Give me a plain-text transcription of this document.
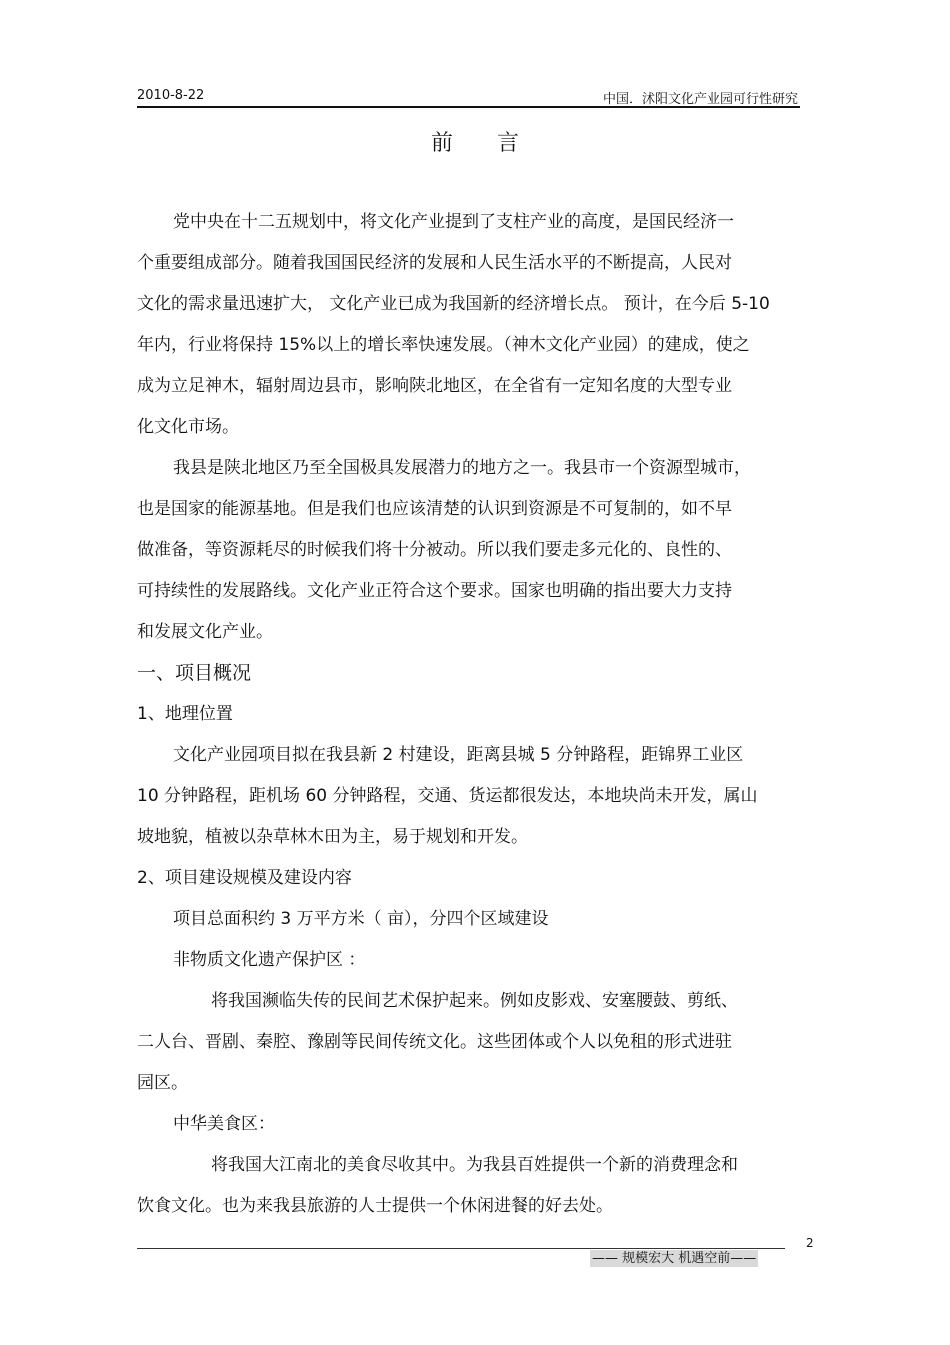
2010-8-22	中国．沭阳文化产业园可行性研究
前言
党中央在十二五规划中，将文化产业提到了支柱产业的高度，是国民经济一
个重要组成部分。随着我国国民经济的发展和人民生活水平的不断提高，人民对
文化的需求量迅速扩大， 文化产业已成为我国新的经济增长点。 预计，在今后 5-10
年内，行业将保持 15%以上的增长率快速发展。（神木文化产业园）的建成，使之
成为立足神木，辐射周边县市，影响陕北地区，在全省有一定知名度的大型专业
化文化市场。
我县是陕北地区乃至全国极具发展潜力的地方之一。我县市一个资源型城市，
也是国家的能源基地。但是我们也应该清楚的认识到资源是不可复制的，如不早
做准备，等资源耗尽的时候我们将十分被动。所以我们要走多元化的、良性的、
可持续性的发展路线。文化产业正符合这个要求。国家也明确的指出要大力支持
和发展文化产业。
一、项目概况
1、地理位置
文化产业园项目拟在我县新 2 村建设，距离县城 5 分钟路程，距锦界工业区
10 分钟路程，距机场 60 分钟路程，交通、货运都很发达，本地块尚未开发，属山
坡地貌，植被以杂草林木田为主，易于规划和开发。
2、项目建设规模及建设内容
项目总面积约 3 万平方米（ 亩），分四个区域建设
非物质文化遗产保护区 ：
将我国濒临失传的民间艺术保护起来。例如皮影戏、安塞腰鼓、剪纸、
二人台、晋剧、秦腔、豫剧等民间传统文化。这些团体或个人以免租的形式进驻
园区。
中华美食区：
将我国大江南北的美食尽收其中。为我县百姓提供一个新的消费理念和
饮食文化。也为来我县旅游的人士提供一个休闲进餐的好去处。
2
—— 规模宏大 机遇空前——
